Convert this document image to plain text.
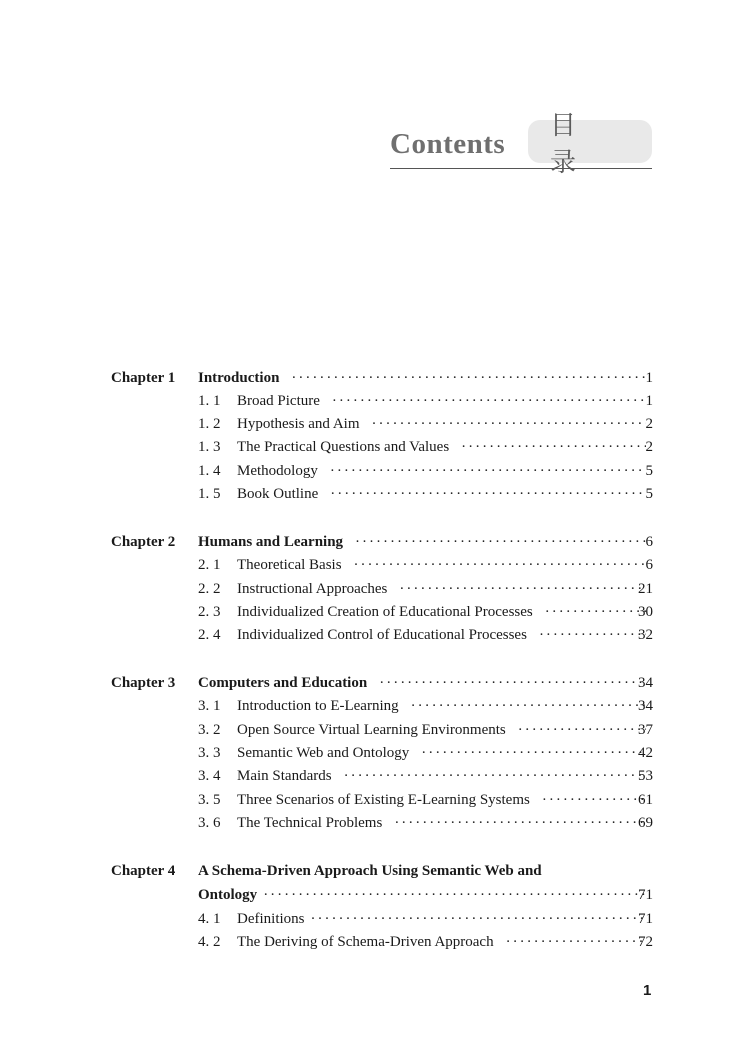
Contents
目 录
Chapter 1 Introduction ·····	1
1. 1 Broad Picture ·····	1
1. 2 Hypothesis and Aim ·····	2
1. 3 The Practical Questions and Values ·····	2
1. 4 Methodology ·····	5
1. 5 Book Outline ·····	5
Chapter 2 Humans and Learning ·····	6
2. 1 Theoretical Basis ·····	6
2. 2 Instructional Approaches ·····	21
2. 3 Individualized Creation of Educational Processes ·····	30
2. 4 Individualized Control of Educational Processes ·····	32
Chapter 3 Computers and Education ·····	34
3. 1 Introduction to E-Learning ·····	34
3. 2 Open Source Virtual Learning Environments ·····	37
3. 3 Semantic Web and Ontology ·····	42
3. 4 Main Standards ·····	53
3. 5 Three Scenarios of Existing E-Learning Systems ·····	61
3. 6 The Technical Problems ·····	69
Chapter 4 A Schema-Driven Approach Using Semantic Web and
Ontology ·····	71
4. 1 Definitions ·····	71
4. 2 The Deriving of Schema-Driven Approach ·····	72
1
